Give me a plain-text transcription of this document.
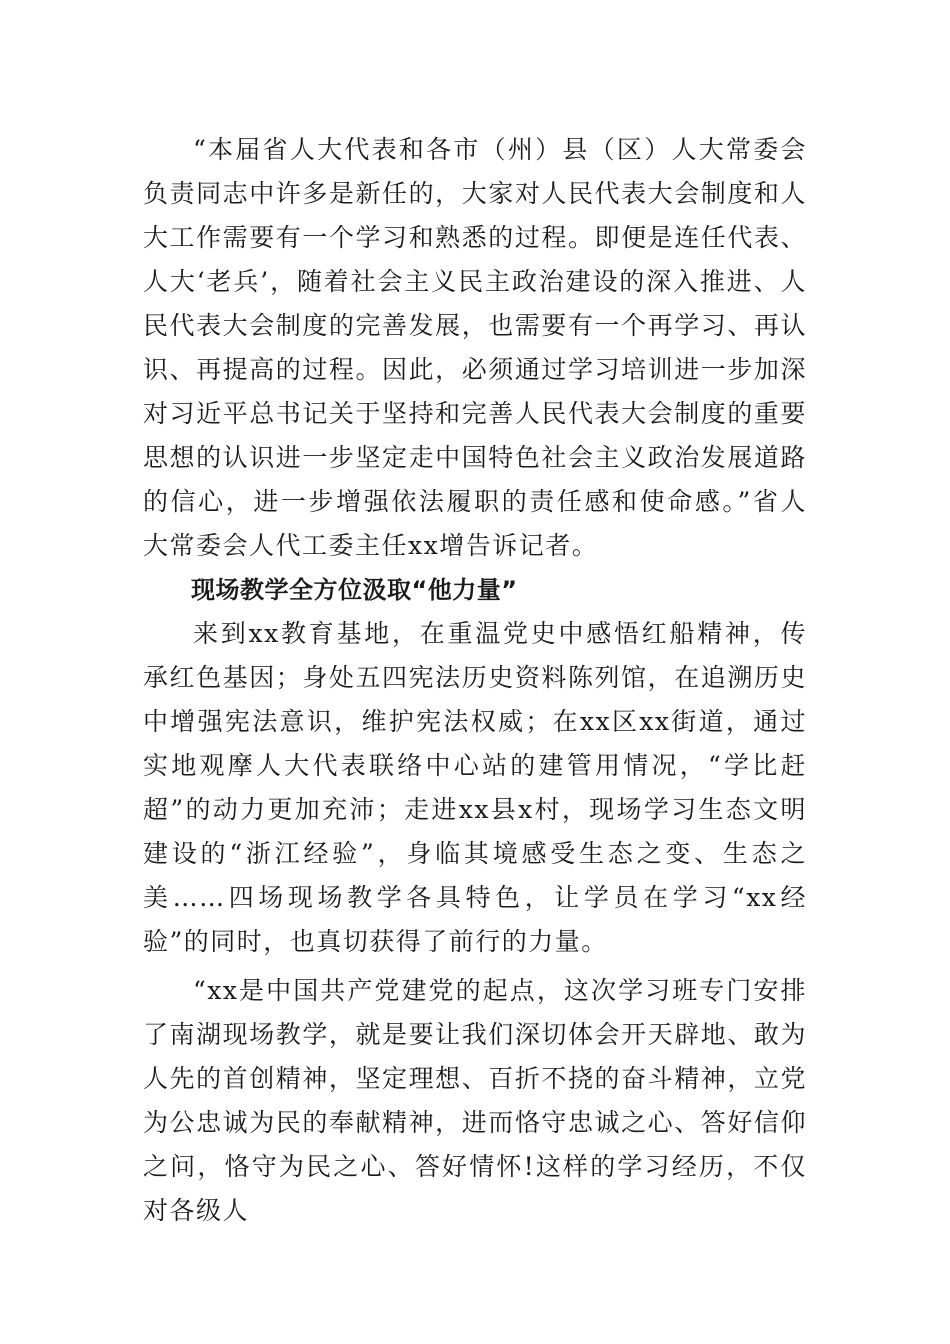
“本届省人大代表和各市（州）县（区）人大常委会负责同志中许多是新任的，大家对人民代表大会制度和人大工作需要有一个学习和熟悉的过程。即便是连任代表、人大‘老兵’，随着社会主义民主政治建设的深入推进、人民代表大会制度的完善发展，也需要有一个再学习、再认识、再提高的过程。因此，必须通过学习培训进一步加深对习近平总书记关于坚持和完善人民代表大会制度的重要思想的认识进一步坚定走中国特色社会主义政治发展道路的信心，进一步增强依法履职的责任感和使命感。”省人大常委会人代工委主任xx增告诉记者。

现场教学全方位汲取“他力量”

来到xx教育基地，在重温党史中感悟红船精神，传承红色基因；身处五四宪法历史资料陈列馆，在追溯历史中增强宪法意识，维护宪法权威；在xx区xx街道，通过实地观摩人大代表联络中心站的建管用情况，“学比赶超”的动力更加充沛；走进xx县x村，现场学习生态文明建设的“浙江经验”，身临其境感受生态之变、生态之美……四场现场教学各具特色，让学员在学习“xx经验”的同时，也真切获得了前行的力量。

“xx是中国共产党建党的起点，这次学习班专门安排了南湖现场教学，就是要让我们深切体会开天辟地、敢为人先的首创精神，坚定理想、百折不挠的奋斗精神，立党为公忠诚为民的奉献精神，进而恪守忠诚之心、答好信仰之问，恪守为民之心、答好情怀!这样的学习经历，不仅对各级人
